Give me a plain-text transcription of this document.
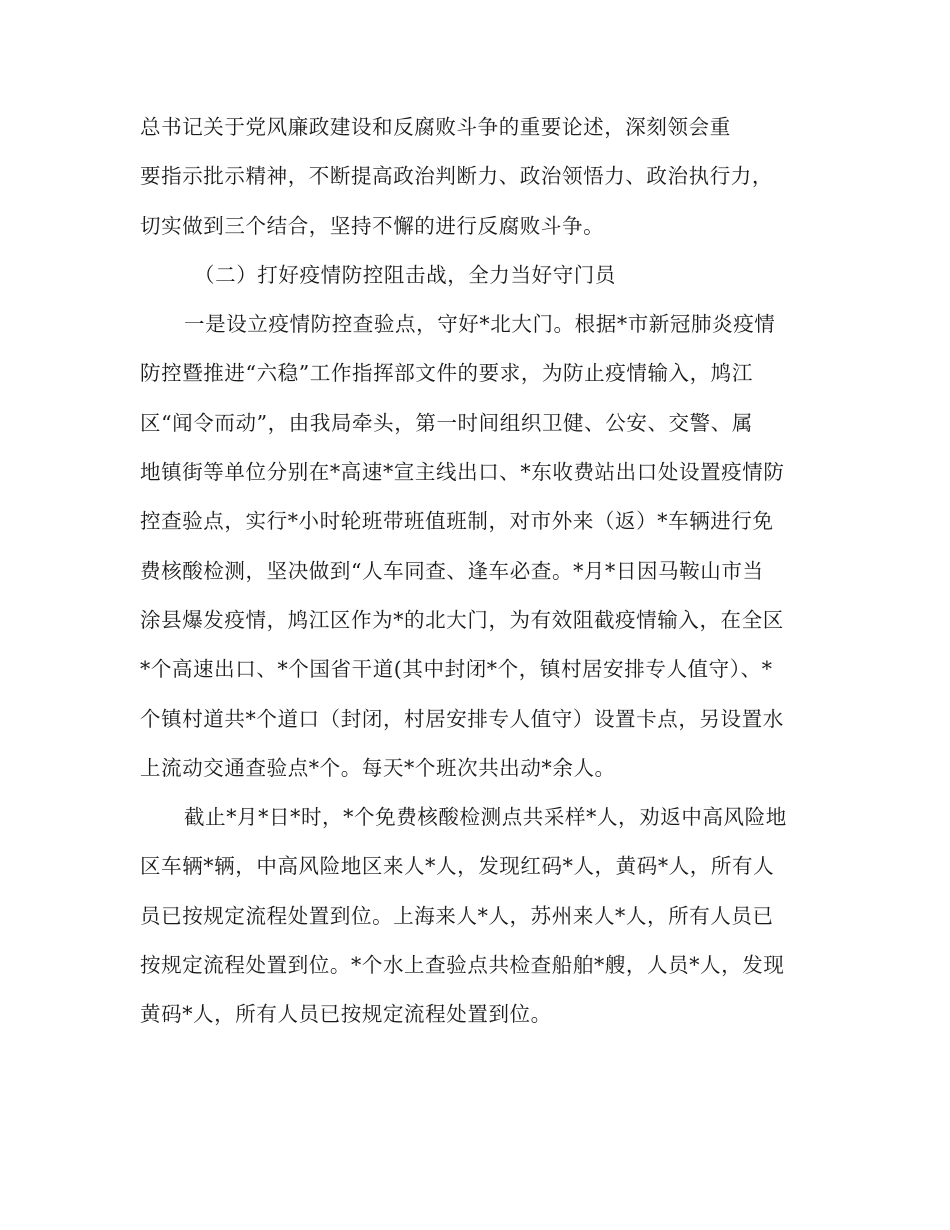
总书记关于党风廉政建设和反腐败斗争的重要论述，深刻领会重
要指示批示精神，不断提高政治判断力、政治领悟力、政治执行力，
切实做到三个结合，坚持不懈的进行反腐败斗争。

（二）打好疫情防控阻击战，全力当好守门员

一是设立疫情防控查验点，守好*北大门。根据*市新冠肺炎疫情
防控暨推进“六稳”工作指挥部文件的要求，为防止疫情输入，鸠江
区“闻令而动”，由我局牵头，第一时间组织卫健、公安、交警、属
地镇街等单位分别在*高速*宣主线出口、*东收费站出口处设置疫情防
控查验点，实行*小时轮班带班值班制，对市外来（返）*车辆进行免
费核酸检测，坚决做到“人车同查、逢车必查。*月*日因马鞍山市当
涂县爆发疫情，鸠江区作为*的北大门，为有效阻截疫情输入，在全区
*个高速出口、*个国省干道(其中封闭*个，镇村居安排专人值守）、*
个镇村道共*个道口（封闭，村居安排专人值守）设置卡点，另设置水
上流动交通查验点*个。每天*个班次共出动*余人。

截止*月*日*时，*个免费核酸检测点共采样*人，劝返中高风险地
区车辆*辆，中高风险地区来人*人，发现红码*人，黄码*人，所有人
员已按规定流程处置到位。上海来人*人，苏州来人*人，所有人员已
按规定流程处置到位。*个水上查验点共检查船舶*艘，人员*人，发现
黄码*人，所有人员已按规定流程处置到位。
